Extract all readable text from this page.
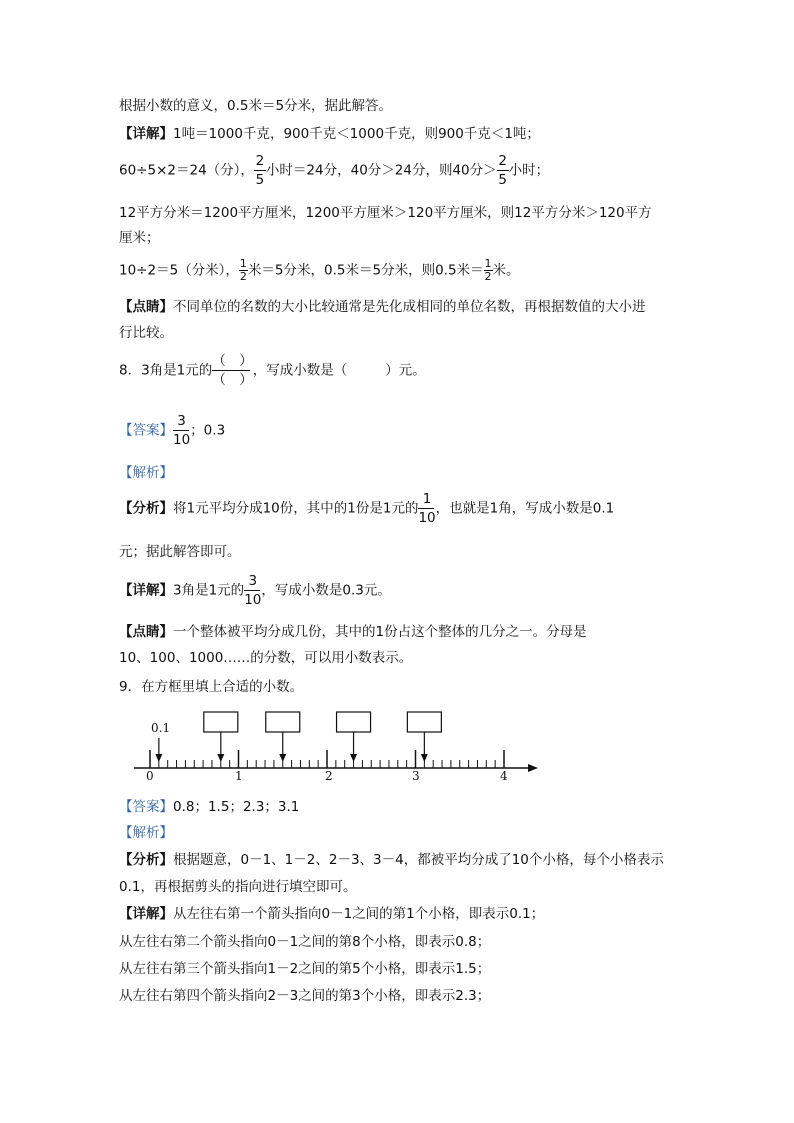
根据小数的意义，0.5米＝5分米，据此解答。
【详解】1吨＝1000千克，900千克＜1000千克，则900千克＜1吨；
60÷5×2＝24（分）， $\frac{2}{5}$ 小时＝24分，40分＞24分，则40分＞ $\frac{2}{5}$ 小时；
12平方分米＝1200平方厘米，1200平方厘米＞120平方厘米，则12平方分米＞120平方
厘米；
10÷2＝5（分米）， $\frac{1}{2}$ 米＝5分米，0.5米＝5分米，则0.5米＝ $\frac{1}{2}$ 米。
【点睛】不同单位的名数的大小比较通常是先化成相同的单位名数，再根据数值的大小进
行比较。
8．3角是1元的 $\frac{( )}{( )}$ ，写成小数是（	）元。
【答案】 $\frac{3}{10}$ ；0.3
【解析】
【分析】将1元平均分成10份，其中的1份是1元的 $\frac{1}{10}$ ，也就是1角，写成小数是0.1
元；据此解答即可。
【详解】3角是1元的 $\frac{3}{10}$ ，写成小数是0.3元。
【点睛】一个整体被平均分成几份，其中的1份占这个整体的几分之一。分母是
10、100、1000……的分数，可以用小数表示。
9．在方框里填上合适的小数。
0.1
0	1	2	3	4
【答案】0.8；1.5；2.3；3.1
【解析】
【分析】根据题意，0－1、1－2、2－3、3－4，都被平均分成了10个小格，每个小格表示
0.1，再根据剪头的指向进行填空即可。
【详解】从左往右第一个箭头指向0－1之间的第1个小格，即表示0.1；
从左往右第二个箭头指向0－1之间的第8个小格，即表示0.8；
从左往右第三个箭头指向1－2之间的第5个小格，即表示1.5；
从左往右第四个箭头指向2－3之间的第3个小格，即表示2.3；
